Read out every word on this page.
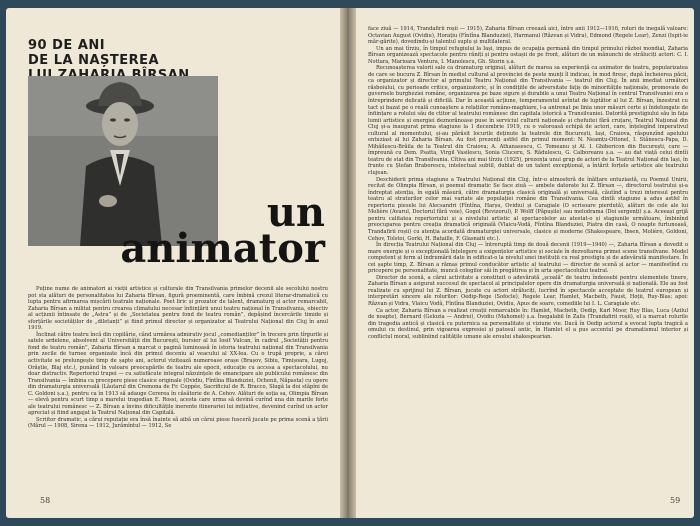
90 DE ANI
DE LA NAȘTEREA
un
animator

Puține nume de animatori ai vieții artistice și culturale din Transilvania primelor decenii ale secolului nostru pot sta alături de personalitatea lui Zaharia Bîrsan, figură proeminentă, care îmbină crezul literar-dramatică cu lupta pentru afirmarea mișcării teatrale naționale. Poet liric și prozator de talent, dramaturg și actor remarcabil, Zaharia Bîrsan a militat pentru crearea climatului necesar înființării unui teatru național în Transilvania, obiectiv al acțiunii întinsate de „Astra” și de „Societatea pentru fond de teatru român”, depășind încercările timide și sforțările societăților de „diletanți” și fiind primul director și organizator al Teatrului Național din Cluj în anul 1919.

Înclinat către teatru încă din copilărie, când urmărea admirativ jocul „comedianților” în trecere prin tîrgurile și satele ardelene, absolvent al Universității din București, bursier al lui Iosif Vulcan, în cadrul „Societății pentru fond de teatru român”, Zaharia Bîrsan a marcat o pagină luminoasă în istoria teatrului național din Transilvania prin zecile de turnee organizate încă din primul deceniu al veacului al XX-lea. Cu o trupă proprie, a cărei activitate se prelungește timp de șapte ani, actorul vizitează numeroase orașe (Brașov, Sibiu, Timișoara, Lugoj, Orăștie, Blaj etc.), punând în valoare preocupările de teatru ale epocii, educație cu accesa a spectacolului, nu doar distractiv. Repertoriul trupei — cu satisfăcute integral năzuințele de emancipare ale publicului românesc din Transilvania — îmbina ca precepere piese clasice originale (Ovidiu, Fîntîna Blanduziei, Ochenii, Năpasta) cu opere din dramaturgia universală (Lăutarul din Cremona de Fr. Coppée, Sacrificiul de R. Bracco, Slugă la doi stăpîni de C. Goldoni ș.a.), pentru ca în 1913 să adauge Cererea în căsătorie de A. Cehov. Alături de soția sa, Olimpia Bîrsan — elevă pentru scurt timp a marelui tragedian E. Rossi, acesta care urma să devină curînd una din marile forțe ale teatrului românesc — Z. Bîrsan a învins dificultățile inerente itinerariei lui inițiative, devenind curînd un actor apreciat și fiind angajat la Teatrul Național din Capitală.

Scriitor dramatic, a cărui reputație era însă înainte să aibă un cărui piese fusceră jucate pe prima scenă a țării (Mărul — 1908, Sirena — 1912, Jurămîntul — 1912, Se

face ziuă — 1914, Trandafirii roșii — 1915), Zaharia Bîrsan creează aici, între anii 1912—1916, roluri de inegală valoare: Octavian August (Ovidiu), Horațiu (Fîntîna Blanduziei), Harmanul (Răzvan și Vidra), Edmond (Regele Lear), Zenzi (Ispit-ie măr-gărite), dovedindu-și talentul suplu și multilateral.

Un an mai tîrziu, în timpul refugiului la Iași, impus de ocupația germană din timpul primului război mondial, Zaharia Bîrsan organizează spectacole pentru răniți și pentru ostașii de pe front, alături de un mănunchi de străluciți actori: C. I. Nottara, Marioara Ventura, I. Manolescu, Gh. Storin ș.a.

Recunoașterea valorii sale ca dramaturg original, alături de marea sa experiență ca animator de teatru, popularizatea de care se bucura Z. Bîrsan în mediul cultural al provinciei de peste munți îl indicau, în mod firesc, după încheierea păcii, ca organizator și director al primului Teatru Național din Transilvania — teatrul din Cluj. În anii imediat următori răsboiului, cu perioade critice, organizatoric, și în condițiile de adversitate fațiș de minoritățile naționale, promovate de guvernele burgheziei române, organizarea pe baze sigure și durabile a unui Teatru Național în centrul Transilvaniei era o întreprindere delicată și dificilă. Dar în această acțiune, temperamentul avîntat de luptător al lui Z. Bîrsan, înzestrat cu tact și bazat pe o reală cunoaștere a relațiilor româno-maghiare, l-a antrenat pe linia unor măsuri certe și îndelungate de înființare a rolului său de ctitor al teatrului românesc din capitala istorică a Transilvaniei. Datorită prestigiului său în fața lumii artistice și energiei deznorănoase puse în serviciul culturii naționale și chefuitei fără cruțare, Teatrul Național din Cluj și-a inaugurat prima stagiune la 1 decembrie 1919, cu o valoroasă echipă de actori, care, înțelegînd imperativul cultural al momentului, și-au părăsit locurile deținute la teatrele din București, Iași, Craiova, răspunzînd apelului entuziast al lui Zaharia Bîrsan. Au fost prezenți astfel din primul moment: N. Neamțu-Ottonel, I. Stănescu-Papa, D. Mihăilescu-Brăila de la Teatrul din Craiova; A. Athanasescu, C. Tomeanu și Al. I. Ghibericon din București, care — împreună cu Dem. Psatta, Virgil Vasilescu, Sonia Cluceru, S. Rădulescu, G. Calboreanu ș.a. — au dat viață celui dintîi teatru de stat din Transilvania. Cîtiva ani mai tîrziu (1925), prezența unui grup de actori de la Teatrul Național din Iași, în frunte cu Ștefan Braborescu, intelectual subtil, dublat de un talent excepțional, a întărit forțele artistice ale teatrului clujean.

Deschiderii prima stagiune a Teatrului Național din Cluj, într-o atmosferă de înălțare entuziastă, cu Poemul Unirii, recitat de Olimpia Bîrsan, și poemul dramatic Se face ziuă — ambele datorate lui Z. Bîrsan —, directorul teatrului și-a îndreptat atenția, în egală măsură, către dramaturgia clasică originală și universală, căutînd a trezi interesul pentru teatru al straturilor celor mai variate ale populației române din Transilvania. Cea dintîi stagiune a adus astfel în repertoriu piesele lui Alecsandri (Fîntîna, Harșu, Ovidiu) și Caragiale (O scrisoare pierdută), alături de cele ale lui Molière (Avarul, Doctorul fără voie), Gogol (Revizorul), P. Wolff (Păpușile) sau melodrama (Doi sergenți) ș.a. Aceeași grijă pentru calitatea repertoriului și a nivelului artistic al spectacolelor au atestat-o și stagiunile următoare, îmbinînd preocuparea pentru creația dramatică originală (Vlaicu-Vodă, Fîntîna Blanduziei, Piatra din casă, O noapte furtunoasă, Trandafirii roșii) cu atenția acordată dramaturgiei universale, clasice și moderne (Shakespeare, Ibsen, Molière, Goldoni, Cehov, Tolstoi, Gorki, H. Bataille, F. Glasnaiti etc.).

În direcția Teatrului Național din Cluj — întreruptă timp de două decenii (1919—1940) —, Zaharia Bîrsan a dovedit o mare energie și o excepțională înțelegere a exigențelor artistice și sociale în dezvoltarea primei scene transilvane. Model competent și ferm al îndrumării date în edificat-o la nivelul unei instituții cu real prestigiu și de adevărată manifestare. În cei șapte timp, Z. Bîrsan a rămas primul conducător artistic al teatrului — director de scenă și actor — manifestînd cu pricepere pe personalitate, muncă colegilor săi în pregătirea și în arta spectacolului teatral.

Director de scenă, a cărui activitate a constituit o adevărată „școală” de teatru îndeosebi pentru elementele tinere, Zaharia Bîrsan a asigurat succesul de spectacol al principalelor opere din dramaturgia universală și națională. Ele au fost realizate cu sprijinul lui Z. Bîrsan, jucate cu actori străluciți, lucrînd în spectacole acceptate de teatrul european și interpretări sincere ale rolurilor: Oedip-Rege (Sofocle), Regele Lear, Hamlet, Macbeth, Faust, Hoții, Ruy-Blas; apoi: Răzvan și Vidra, Vlaicu Vodă, Fîntîna Blanduziei, Ovidiu, Apus de soare, comediile lui I. L. Caragiale etc.

Ca actor, Zaharia Bîrsan a realizat creații remarcabile în: Hamlet, Macbeth, Oedip, Karl Moor, Ruy Blas, Luca (Azilul de noapte), Bernard (Gelozia — Andrei), Ovidiu (Mahomet) ș.a. Înegalabil în Zalis (Trandafirii roșii), el a marcat rolurile din tragedia antică și clasică cu puternica sa personalitate și viziune vie. Dacă în Oedip actorul a evocat lupta tragică a omului cu destinul, prin vigoarea expresiei și patosul antic, în Hamlet el a pus accentul pe dramatismul interior și conflictul moral, subliniind calitățile umane ale eroului shakespearian.

58	59
